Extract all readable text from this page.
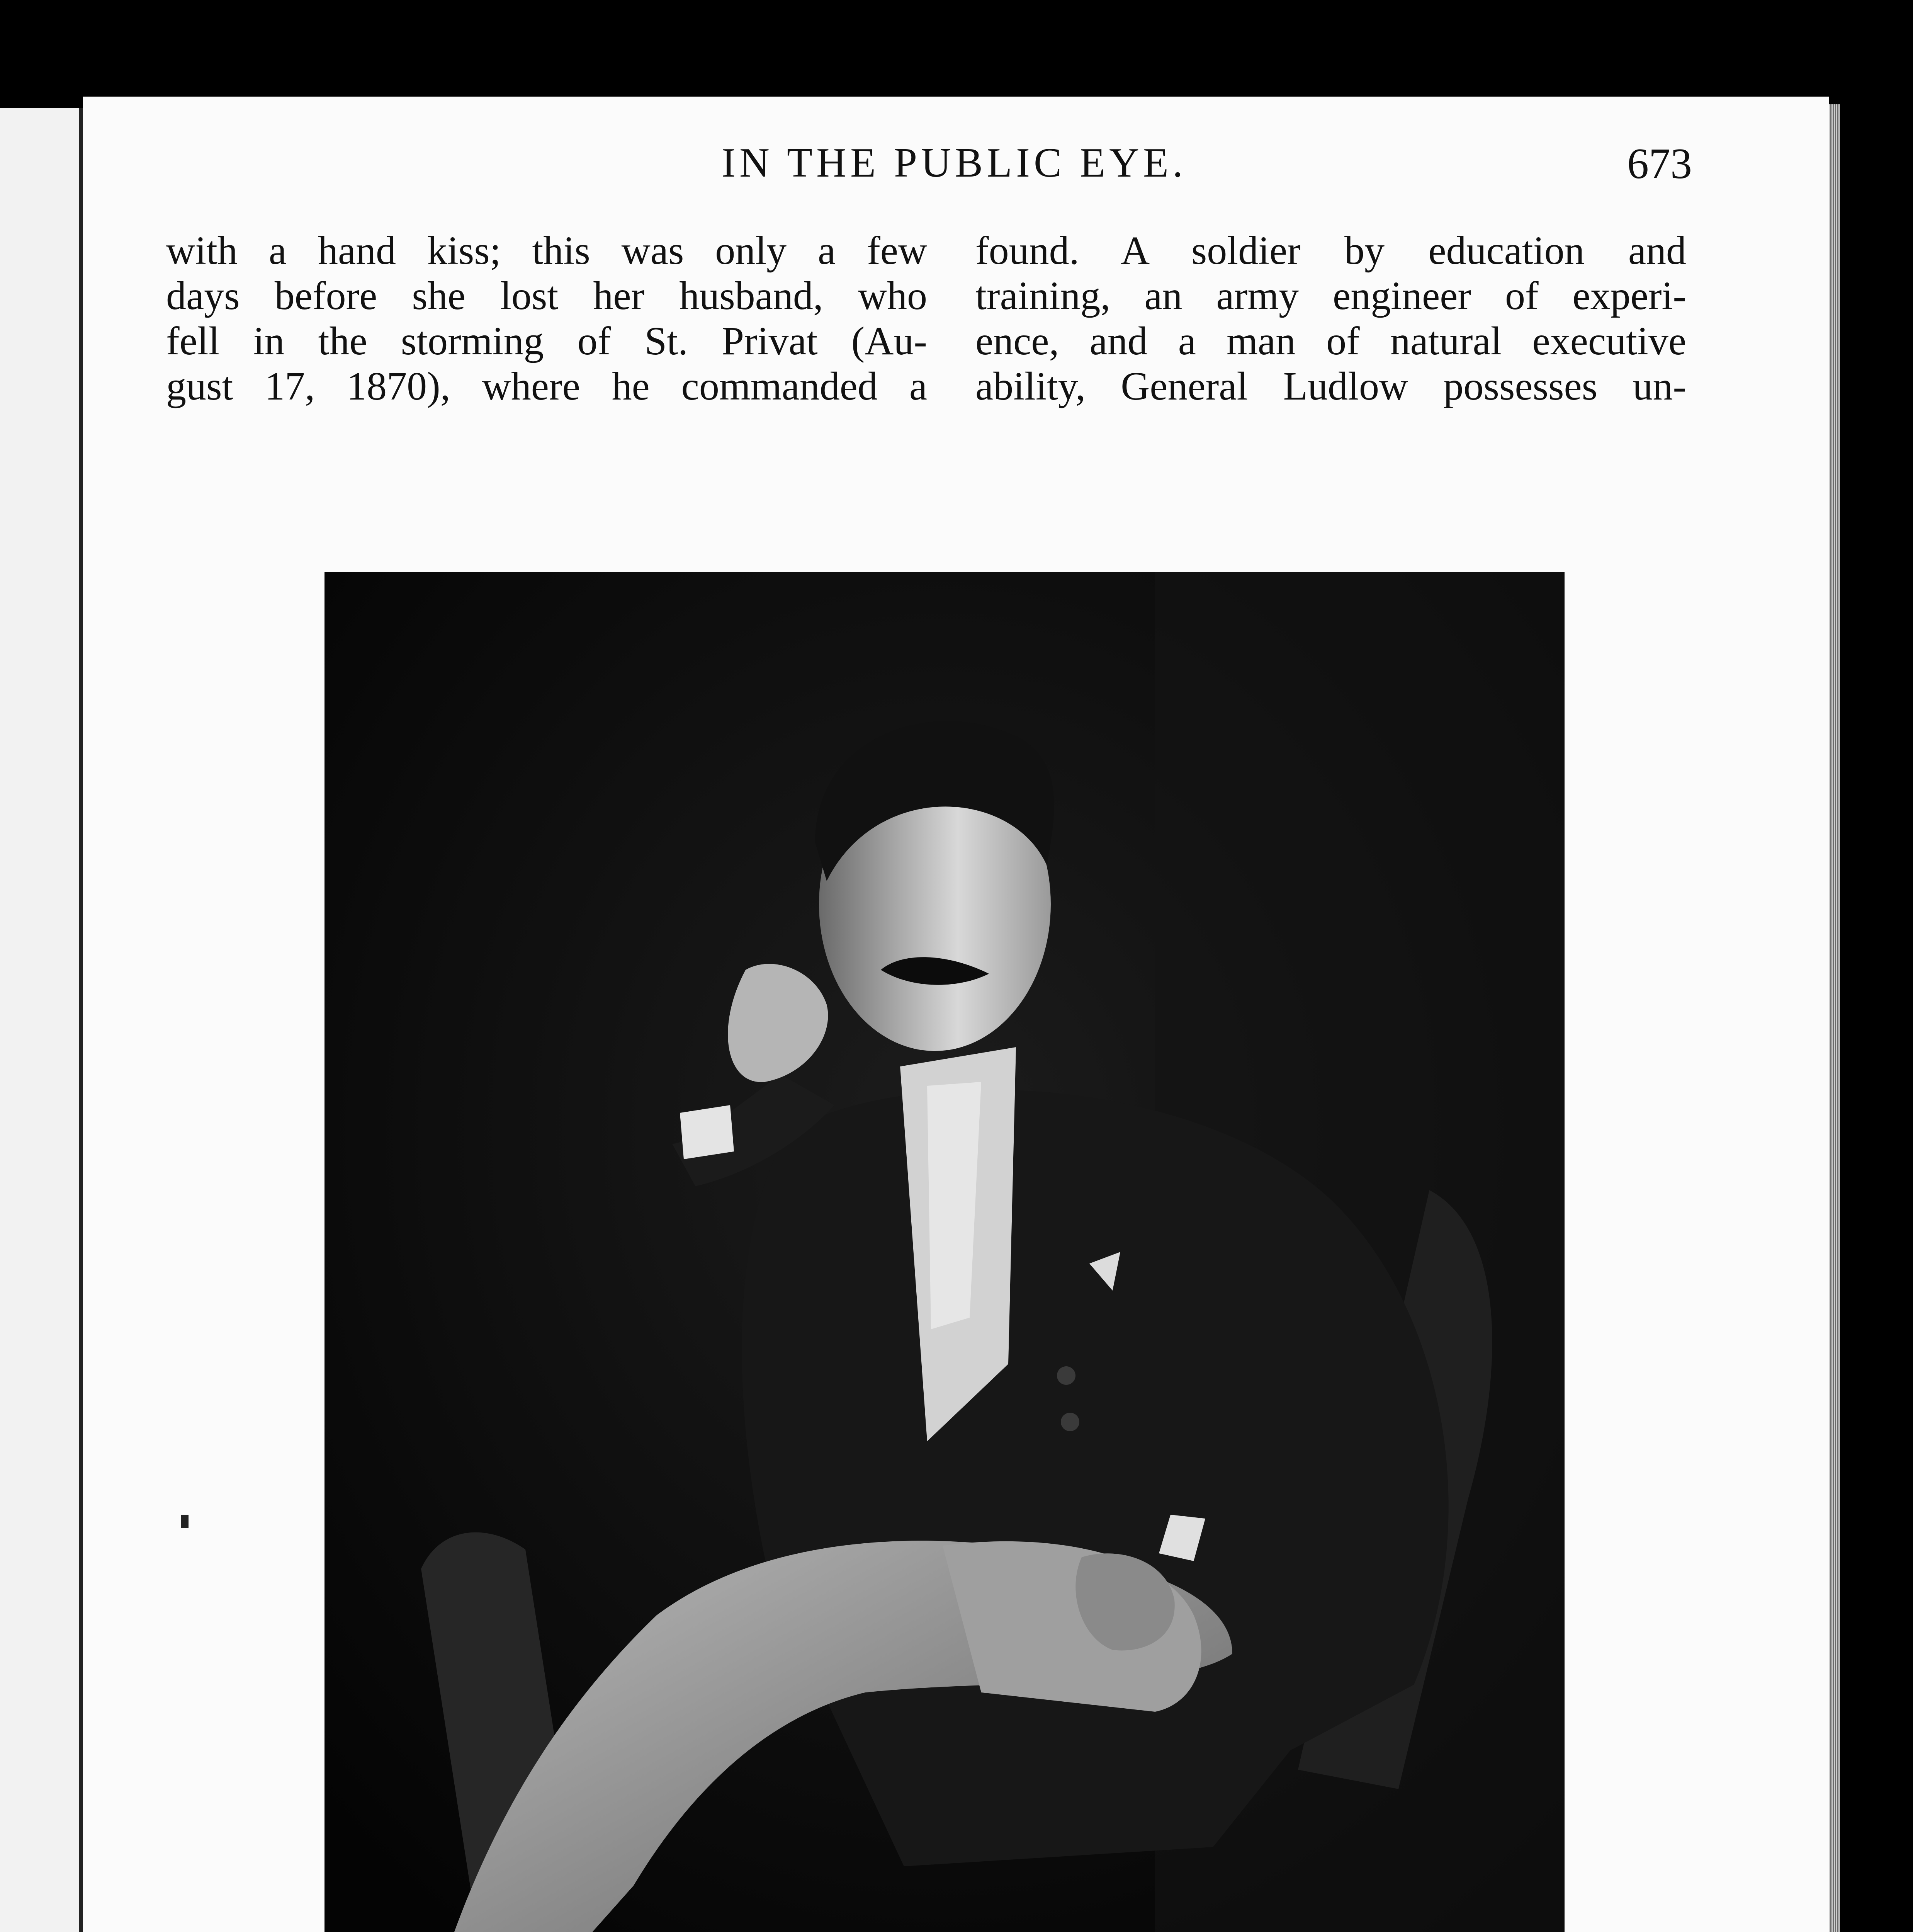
IN THE PUBLIC EYE.	673

with a hand kiss; this was only a few

days before she lost her husband, who

fell in the storming of St. Privat (Au-

gust 17, 1870), where he commanded a

found. A soldier by education and

training, an army engineer of experi-

ence, and a man of natural executive

ability, General Ludlow possesses un-
